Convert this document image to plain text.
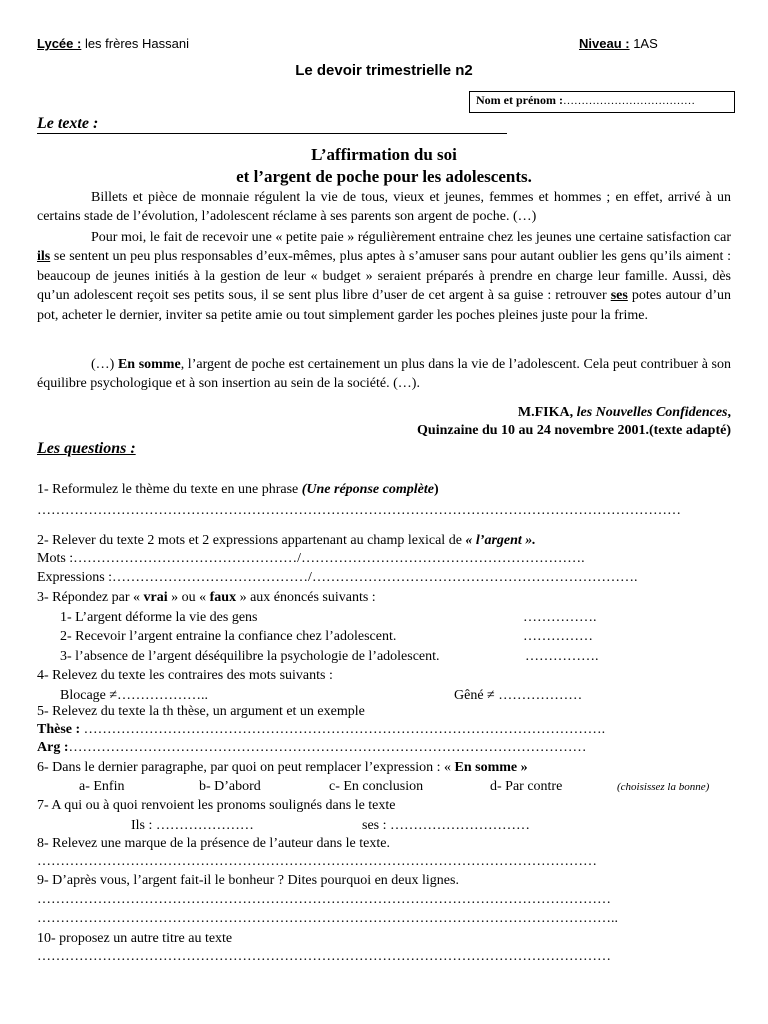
Lycée : les frères Hassani	Niveau : 1AS
Le devoir trimestrielle n2
Nom et prénom :………………………………
Le texte :
L’affirmation du soi
et l’argent de poche pour les adolescents.
Billets et pièce de monnaie régulent la vie de tous, vieux et jeunes, femmes et hommes ; en effet, arrivé à un certains stade de l’évolution, l’adolescent réclame à ses parents son argent de poche. (…)
Pour moi, le fait de recevoir une « petite paie » régulièrement entraine chez les jeunes une certaine satisfaction car ils se sentent un peu plus responsables d’eux-mêmes, plus aptes à s’amuser sans pour autant oublier les gens qu’ils aiment : beaucoup de jeunes initiés à la gestion de leur « budget » seraient préparés à prendre en charge leur famille. Aussi, dès qu’un adolescent reçoit ses petits sous, il se sent plus libre d’user de cet argent à sa guise : retrouver ses potes autour d’un pot, acheter le dernier, inviter sa petite amie ou tout simplement garder les poches pleines juste pour la frime.
(…) En somme, l’argent de poche est certainement un plus dans la vie de l’adolescent. Cela peut contribuer à son équilibre psychologique et à son insertion au sein de la société. (…).
M.FIKA, les Nouvelles Confidences,
Quinzaine du 10 au 24 novembre 2001.(texte adapté)
Les questions :
1- Reformulez le thème du texte en une phrase (Une réponse complète)
…………………………………………………………………………………………………………………………
2- Relever du texte 2 mots et 2 expressions appartenant au champ lexical de « l’argent ».
Mots :…………………………………………/…………………………………………………….
Expressions :……………………………………/…………………………………………………………….
3- Répondez par « vrai » ou « faux » aux énoncés suivants :
1- L’argent déforme la vie des gens	…………….
2- Recevoir l’argent entraine la confiance chez l’adolescent.	……………
3- l’absence de l’argent déséquilibre la psychologie de l’adolescent.	…………….
4- Relevez du texte les contraires des mots suivants :
Blocage ≠………………..	Gêné ≠ ………………
5- Relevez du texte la th thèse, un argument et un exemple
Thèse : ………………………………………………………………………………………………….
Arg :…………………………………………………………………………………………………
6- Dans le dernier paragraphe, par quoi on peut remplacer l’expression : « En somme »
a- Enfin	b- D’abord	c- En conclusion	d- Par contre	(choisissez la bonne)
7- A qui ou à quoi renvoient les pronoms soulignés dans le texte
Ils : …………………	ses : …………………………
8- Relevez une marque de la présence de l’auteur dans le texte.
…………………………………………………………………………………………………………
9- D’après vous, l’argent fait-il le bonheur ? Dites pourquoi en deux lignes.
……………………………………………………………………………………………………………
……………………………………………………………………………………………………………..
10- proposez un autre titre au texte
……………………………………………………………………………………………………………
